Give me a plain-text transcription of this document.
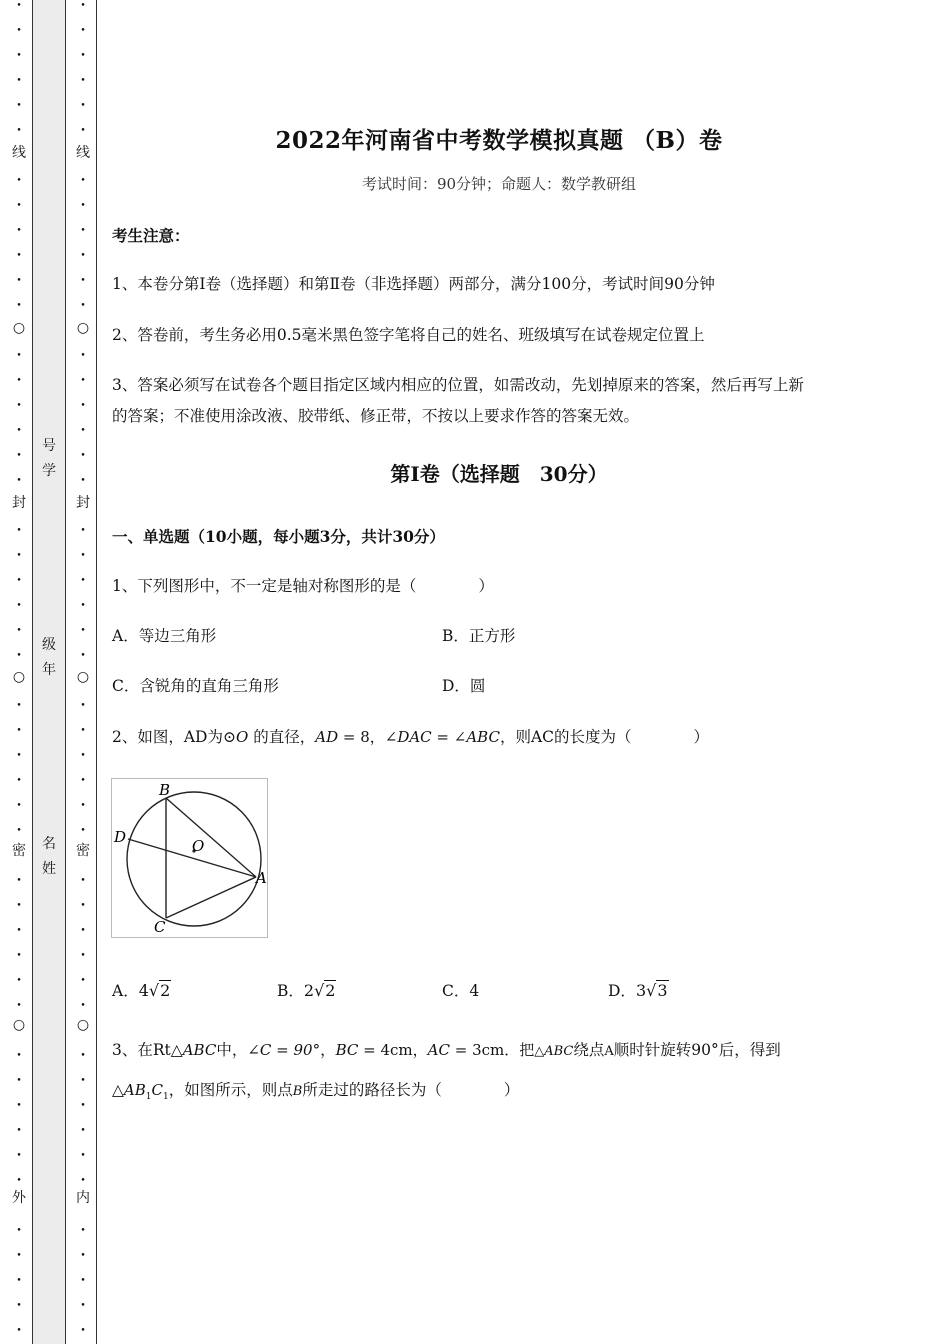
线
○
封
○
密
○
外
•
•
•
•
•
•
•
•
•
•
•
•
•
•
•
•
•
•
•
•
•
•
•
•
•
•
•
•
•
•
•
•
•
•
•
•
•
•
•
•
•
•
•
•
•
•
•
号
学
级
年
名
姓
线
○
封
○
密
○
内
•
•
•
•
•
•
•
•
•
•
•
•
•
•
•
•
•
•
•
•
•
•
•
•
•
•
•
•
•
•
•
•
•
•
•
•
•
•
•
•
•
•
•
•
•
•
•
2022年河南省中考数学模拟真题 （B）卷
考试时间：90分钟；命题人：数学教研组
考生注意：
1、本卷分第I卷（选择题）和第Ⅱ卷（非选择题）两部分，满分100分，考试时间90分钟
2、答卷前，考生务必用0.5毫米黑色签字笔将自己的姓名、班级填写在试卷规定位置上
3、答案必须写在试卷各个题目指定区域内相应的位置，如需改动，先划掉原来的答案，然后再写上新
的答案；不准使用涂改液、胶带纸、修正带，不按以上要求作答的答案无效。
第I卷（选择题　30分）
一、单选题（10小题，每小题3分，共计30分）
1、下列图形中，不一定是轴对称图形的是（　　　　）
A．等边三角形	B．正方形
C．含锐角的直角三角形	D．圆
2、如图，AD为⊙O 的直径，AD = 8，∠DAC = ∠ABC，则AC的长度为（　　　　）
B
D	O
A
C
A．4√2	B．2√2	C．4	D．3√3
3、在Rt△ABC中，∠C = 90°，BC = 4cm，AC = 3cm．把△ABC绕点A顺时针旋转90°后，得到
$\triangle AB_1C_1$，如图所示，则点B所走过的路径长为（　　　　）
